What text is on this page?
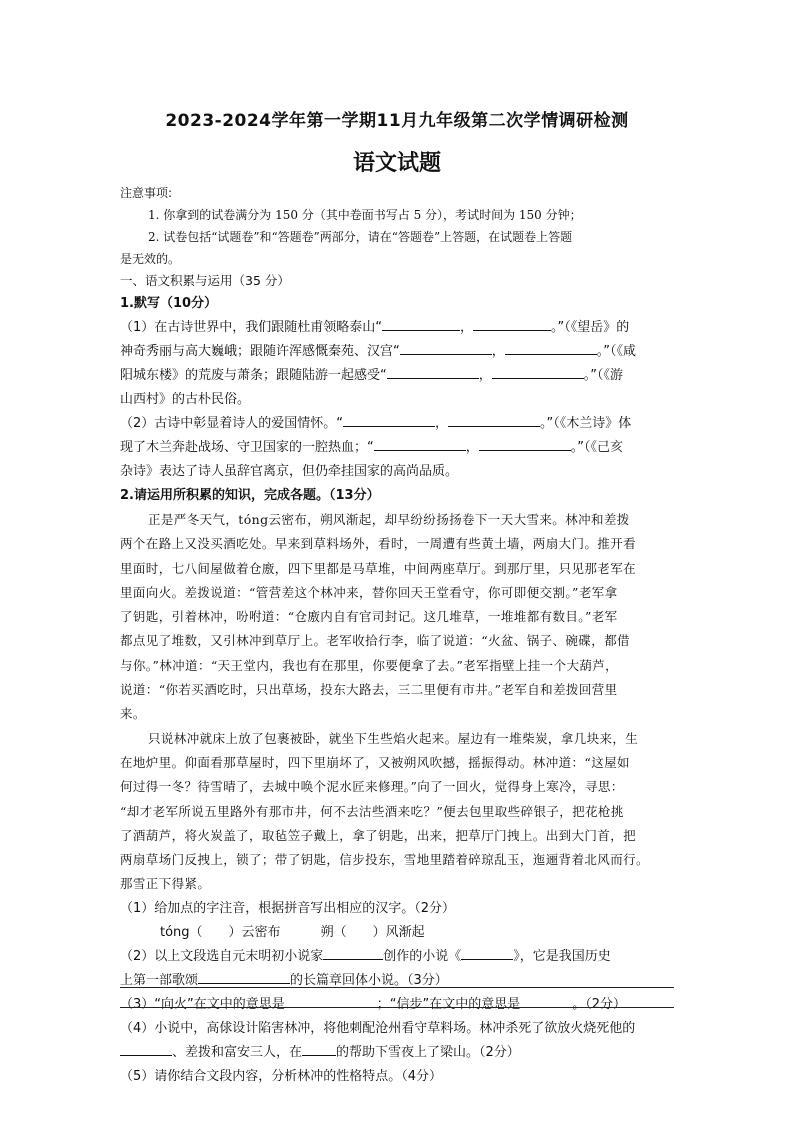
2023-2024学年第一学期11月九年级第二次学情调研检测
语文试题
注意事项:
1. 你拿到的试卷满分为 150 分（其中卷面书写占 5 分），考试时间为 150 分钟；
2. 试卷包括“试题卷”和“答题卷”两部分，请在“答题卷”上答题，在试题卷上答题
是无效的。
一、语文积累与运用（35 分）
1.默写（10分）
（1）在古诗世界中，我们跟随杜甫领略泰山“	，	。”（《望岳》的
神奇秀丽与高大巍峨；跟随许浑感慨秦苑、汉宫“	，	。”（《咸
阳城东楼》的荒废与萧条；跟随陆游一起感受“	，	。”（《游
山西村》的古朴民俗。
（2）古诗中彰显着诗人的爱国情怀。“	，	。”（《木兰诗》体
现了木兰奔赴战场、守卫国家的一腔热血；“	，	。”（《己亥
杂诗》表达了诗人虽辞官离京，但仍牵挂国家的高尚品质。
2.请运用所积累的知识，完成各题。（13分）
正是严冬天气，tóng云密布，朔风渐起，却早纷纷扬扬卷下一天大雪来。林冲和差拨
两个在路上又没买酒吃处。早来到草料场外，看时，一周遭有些黄土墙，两扇大门。推开看
里面时，七八间屋做着仓廒，四下里都是马草堆，中间两座草厅。到那厅里，只见那老军在
里面向火。差拨说道：“管营差这个林冲来，替你回天王堂看守，你可即便交割。”老军拿
了钥匙，引着林冲，吩咐道：“仓廒内自有官司封记。这几堆草，一堆堆都有数目。”老军
都点见了堆数，又引林冲到草厅上。老军收拾行李，临了说道：“火盆、锅子、碗碟，都借
与你。”林冲道：“天王堂内，我也有在那里，你要便拿了去。”老军指壁上挂一个大葫芦，
说道：“你若买酒吃时，只出草场，投东大路去，三二里便有市井。”老军自和差拨回营里
来。
只说林冲就床上放了包裹被卧，就坐下生些焰火起来。屋边有一堆柴炭，拿几块来，生
在地炉里。仰面看那草屋时，四下里崩坏了，又被朔风吹撼，摇振得动。林冲道：“这屋如
何过得一冬？待雪晴了，去城中唤个泥水匠来修理。”向了一回火，觉得身上寒冷，寻思：
“却才老军所说五里路外有那市井，何不去沽些酒来吃？”便去包里取些碎银子，把花枪挑
了酒葫芦，将火炭盖了，取毡笠子戴上，拿了钥匙，出来，把草厅门拽上。出到大门首，把
两扇草场门反拽上，锁了；带了钥匙，信步投东，雪地里踏着碎琼乱玉，迤逦背着北风而行。
那雪正下得紧。
（1）给加点的字注音，根据拼音写出相应的汉字。（2分）
tóng（ ）云密布	朔（ ）风渐起
（2）以上文段选自元末明初小说家	创作的小说《	》，它是我国历史
上第一部歌颂	的长篇章回体小说。（3分）
（3）“向火”在文中的意思是	；“信步”在文中的意思是	。（2分）
（4）小说中，高俅设计陷害林冲，将他刺配沧州看守草料场。林冲杀死了欲放火烧死他的
、差拨和富安三人，在	的帮助下雪夜上了梁山。（2分）
（5）请你结合文段内容，分析林冲的性格特点。（4分）
